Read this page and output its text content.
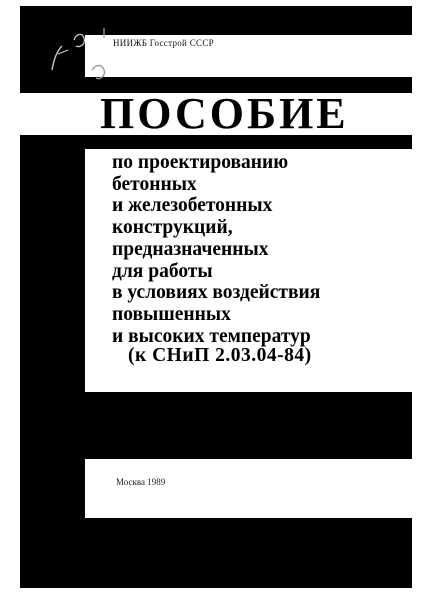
НИИЖБ Госстрой СССР
ПОСОБИЕ
по проектированию
бетонных
и железобетонных
конструкций,
предназначенных
для работы
в условиях воздействия
повышенных
и высоких температур
(к СНиП 2.03.04-84)
Москва 1989
